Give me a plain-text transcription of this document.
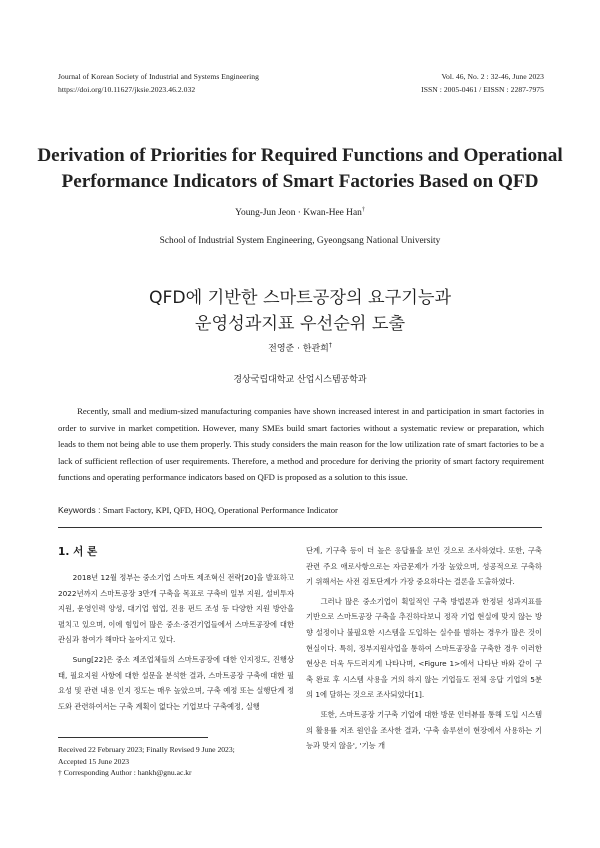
Journal of Korean Society of Industrial and Systems Engineering
https://doi.org/10.11627/jksie.2023.46.2.032
Vol. 46, No. 2 : 32-46, June 2023
ISSN : 2005-0461 / EISSN : 2287-7975
Derivation of Priorities for Required Functions and Operational
Performance Indicators of Smart Factories Based on QFD
Young-Jun Jeon · Kwan-Hee Han†
School of Industrial System Engineering, Gyeongsang National University
QFD에 기반한 스마트공장의 요구기능과
운영성과지표 우선순위 도출
전영준 · 한관희†
경상국립대학교 산업시스템공학과
Recently, small and medium-sized manufacturing companies have shown increased interest in and participation in smart factories in order to survive in market competition. However, many SMEs build smart factories without a systematic review or preparation, which leads to them not being able to use them properly. This study considers the main reason for the low utilization rate of smart factories to be a lack of sufficient reflection of user requirements. Therefore, a method and procedure for deriving the priority of smart factory requirement functions and operating performance indicators based on QFD is proposed as a solution to this issue.
Keywords : Smart Factory, KPI, QFD, HOQ, Operational Performance Indicator
1. 서 론

2018년 12월 정부는 중소기업 스마트 제조혁신 전략[20]을 발표하고 2022년까지 스마트공장 3만개 구축을 목표로 구축비 일부 지원, 설비투자 지원, 운영인력 양성, 대기업 협업, 진용 펀드 조성 등 다양한 지원 방안을 펼치고 있으며, 이에 힘입어 많은 중소·중견기업들에서 스마트공장에 대한 관심과 참여가 해마다 높아지고 있다.

Sung[22]은 중소 제조업체들의 스마트공장에 대한 인지정도, 진행상태, 필요지원 사항에 대한 설문을 분석한 결과, 스마트공장 구축에 대한 필요성 및 관련 내용 인지 정도는 매우 높았으며, 구축 예정 또는 실행단계 정도와 관련하여서는 구축 계획이 없다는 기업보다 구축예정, 실행

단계, 기구축 등이 더 높은 응답률을 보인 것으로 조사하였다. 또한, 구축 관련 주요 애로사항으로는 자금문제가 가장 높았으며, 성공적으로 구축하기 위해서는 사전 검토단계가 가장 중요하다는 결론을 도출하였다.

그러나 많은 중소기업이 획일적인 구축 방법론과 한정된 성과지표를 기반으로 스마트공장 구축을 추진하다보니 정작 기업 현실에 맞지 않는 방향 설정이나 불필요한 시스템을 도입하는 실수를 범하는 경우가 많은 것이 현실이다. 특히, 정부지원사업을 통하여 스마트공장을 구축한 경우 이러한 현상은 더욱 두드러지게 나타나며, <Figure 1>에서 나타난 바와 같이 구축 완료 후 시스템 사용을 거의 하지 않는 기업들도 전체 응답 기업의 5분의 1에 달하는 것으로 조사되었다[1].

또한, 스마트공장 기구축 기업에 대한 방문 인터뷰를 통해 도입 시스템의 활용률 저조 원인을 조사한 결과, '구축 솔루션이 현장에서 사용하는 기능과 맞지 않음', '기능 개

Received 22 February 2023; Finally Revised 9 June 2023;
Accepted 15 June 2023
† Corresponding Author : hankh@gnu.ac.kr
